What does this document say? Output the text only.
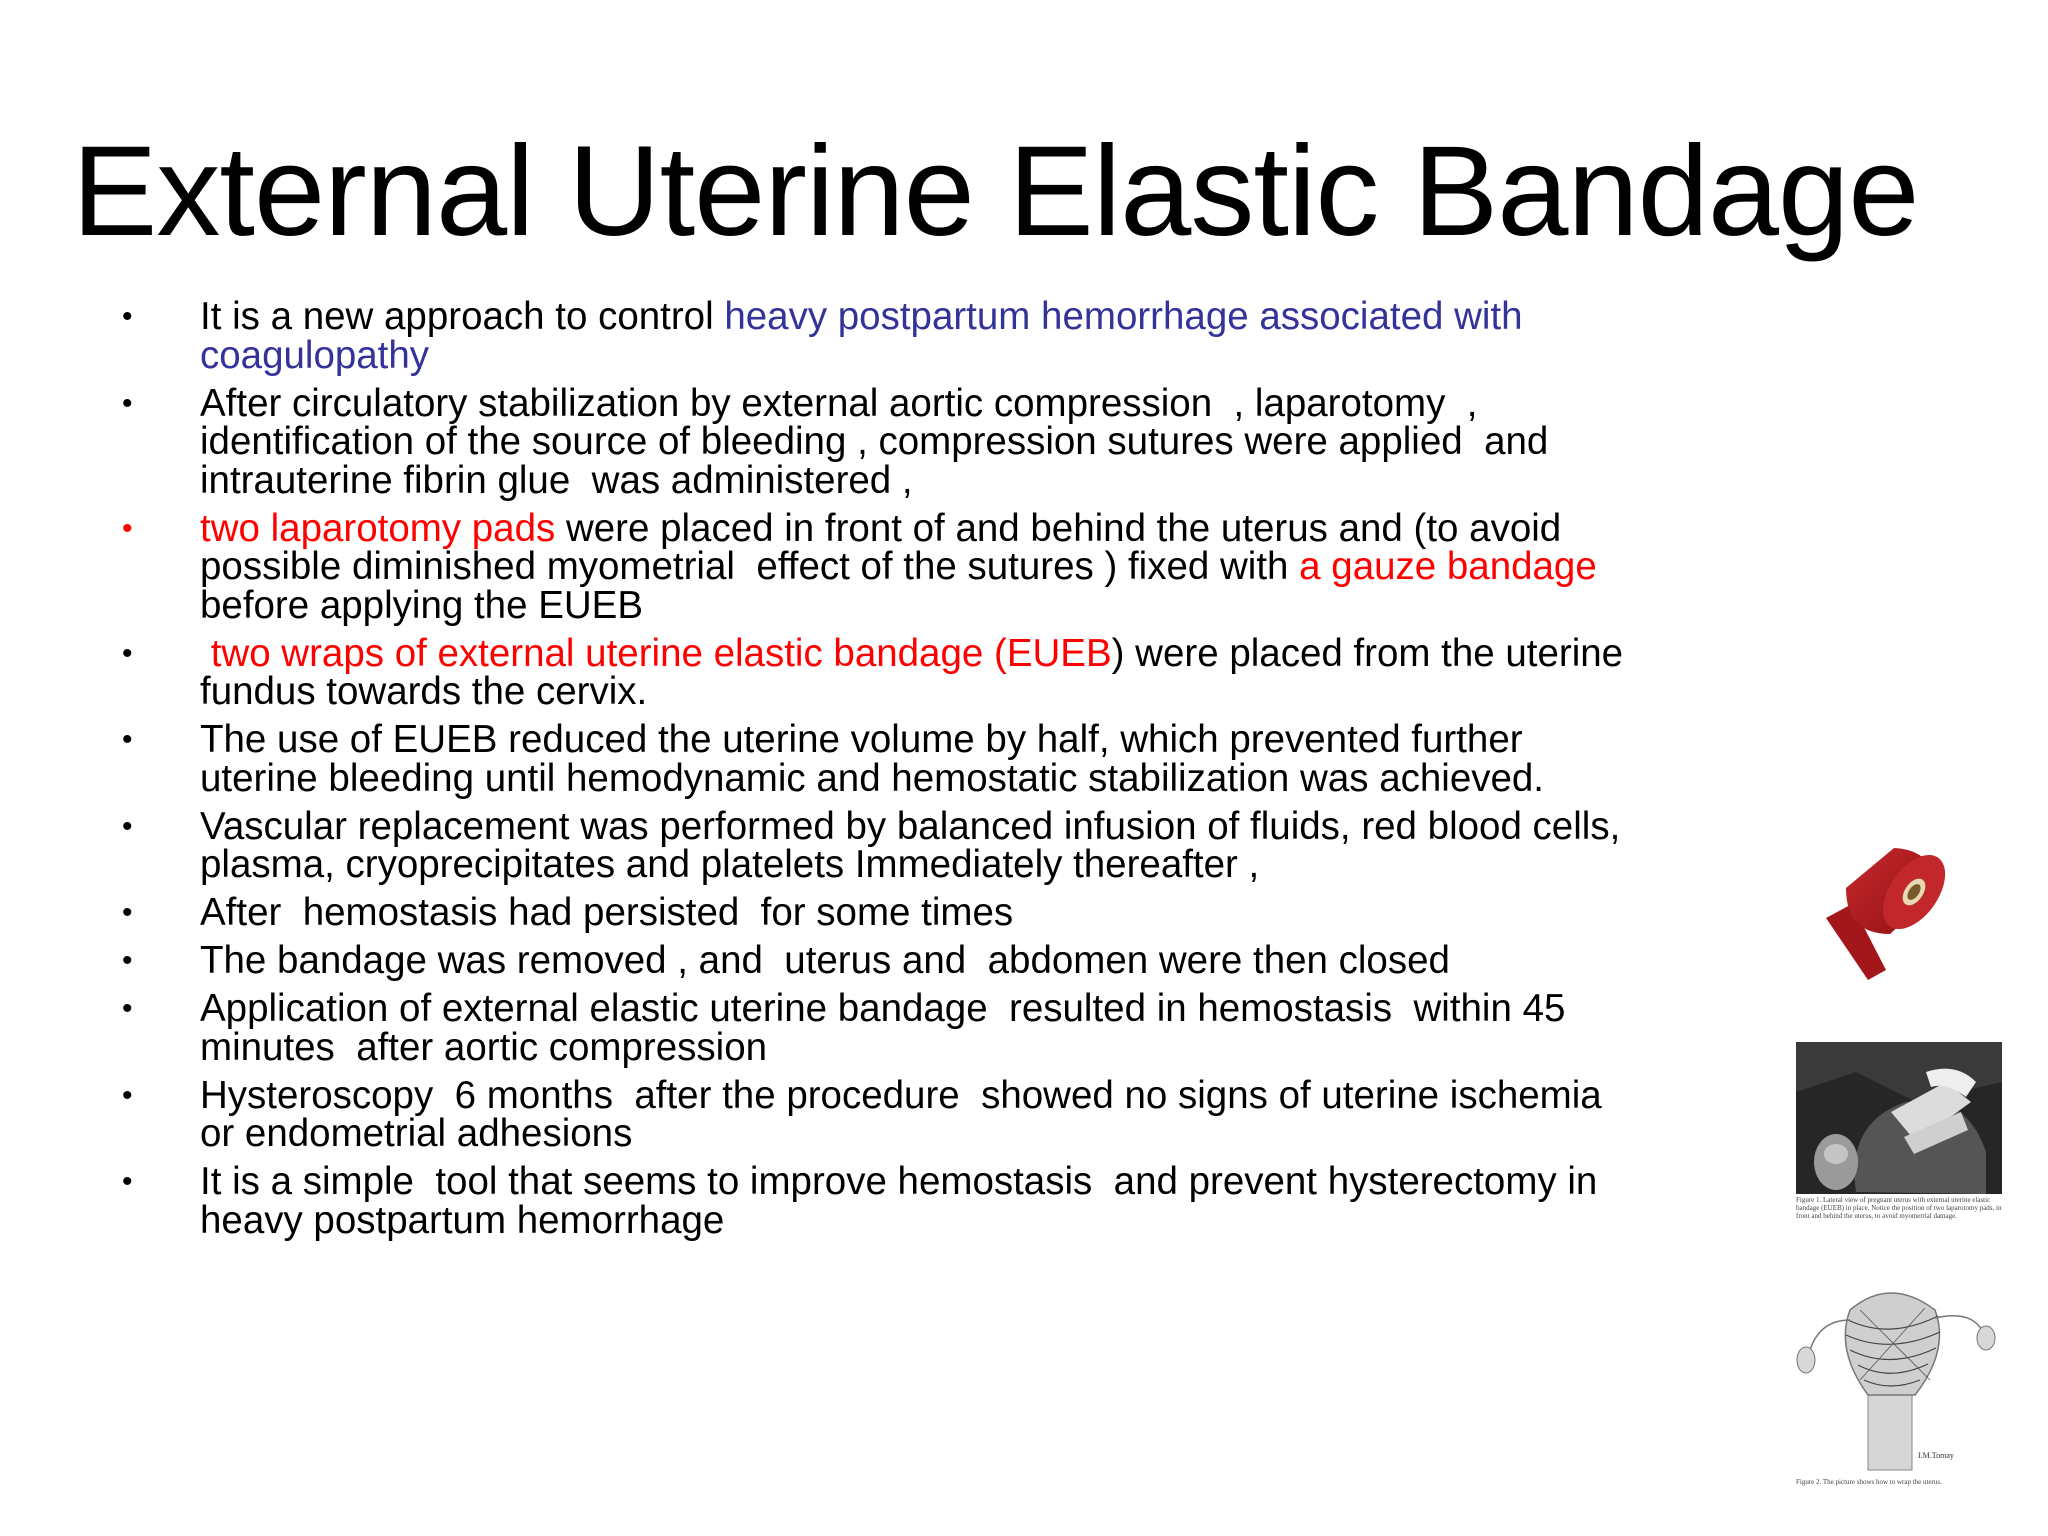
External Uterine Elastic Bandage
• It is a new approach to control heavy postpartum hemorrhage associated with coagulopathy
• After circulatory stabilization by external aortic compression  , laparotomy  , identification of the source of bleeding , compression sutures were applied  and intrauterine fibrin glue  was administered ,
• two laparotomy pads were placed in front of and behind the uterus and (to avoid possible diminished myometrial  effect of the sutures ) fixed with a gauze bandage before applying the EUEB
• two wraps of external uterine elastic bandage (EUEB) were placed from the uterine fundus towards the cervix.
• The use of EUEB reduced the uterine volume by half, which prevented further uterine bleeding until hemodynamic and hemostatic stabilization was achieved.
• Vascular replacement was performed by balanced infusion of fluids, red blood cells, plasma, cryoprecipitates and platelets Immediately thereafter ,
• After  hemostasis had persisted  for some times
• The bandage was removed , and  uterus and  abdomen were then closed
• Application of external elastic uterine bandage  resulted in hemostasis  within 45 minutes  after aortic compression
• Hysteroscopy  6 months  after the procedure  showed no signs of uterine ischemia or endometrial adhesions
• It is a simple  tool that seems to improve hemostasis  and prevent hysterectomy in heavy postpartum hemorrhage	Figure 1. Lateral view of pregnant uterus with external uterine elastic bandage (EUEB) in place. Notice the position of two laparotomy pads, in front and behind the uterus, to avoid myometrial damage.
I.M.Tomay
Figure 2. The picture shows how to wrap the uterus.
